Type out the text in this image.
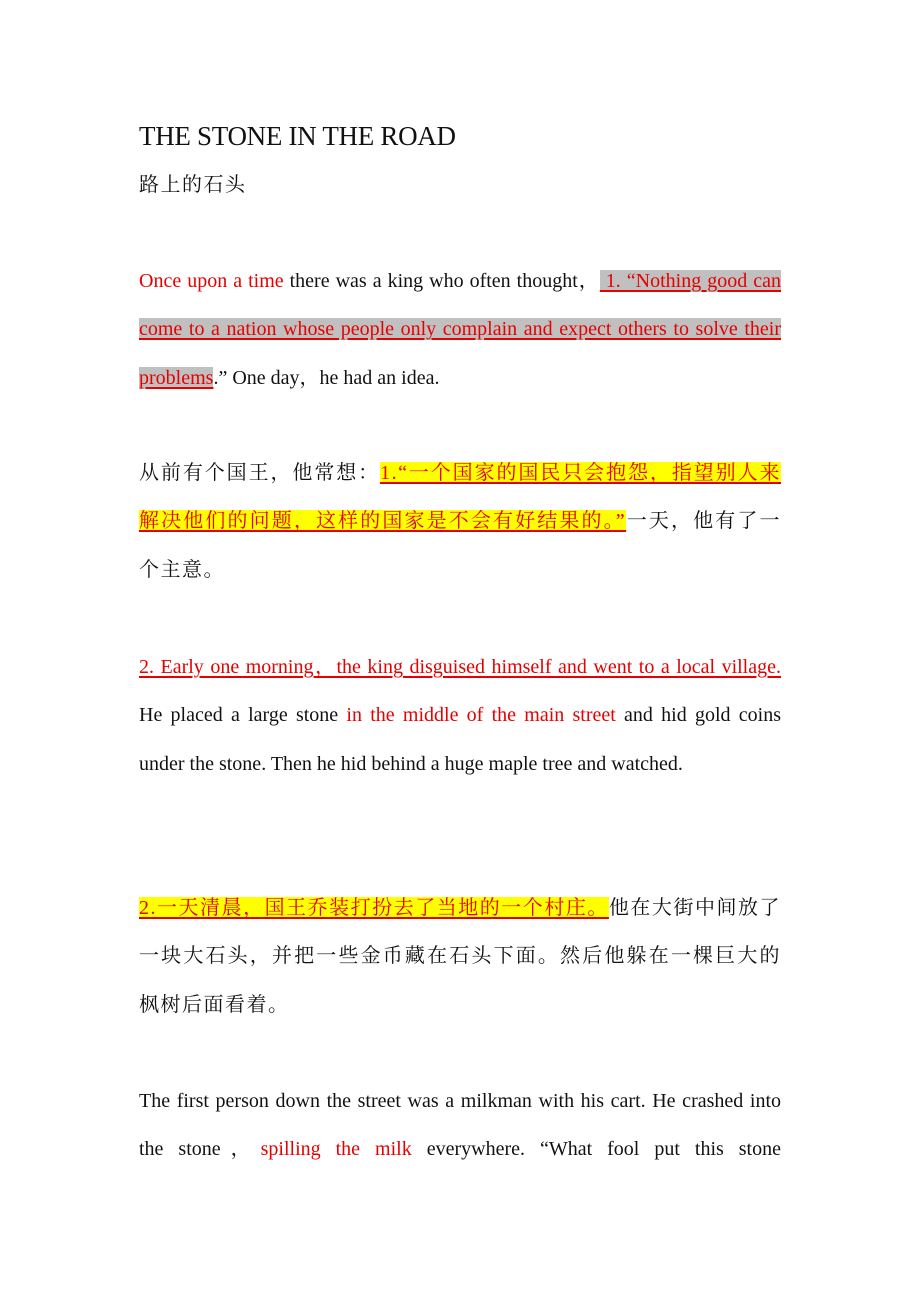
THE STONE IN THE ROAD
路上的石头

Once upon a time there was a king who often thought， 1. “Nothing good can come to a nation whose people only complain and expect others to solve their problems.” One day，he had an idea.

从前有个国王，他常想：1.“一个国家的国民只会抱怨，指望别人来解决他们的问题，这样的国家是不会有好结果的。”一天，他有了一个主意。

2. Early one morning，the king disguised himself and went to a local village. He placed a large stone in the middle of the main street and hid gold coins under the stone. Then he hid behind a huge maple tree and watched.

2.一天清晨，国王乔装打扮去了当地的一个村庄。他在大街中间放了一块大石头，并把一些金币藏在石头下面。然后他躲在一棵巨大的枫树后面看着。

The first person down the street was a milkman with his cart. He crashed into the stone，spilling the milk everywhere. “What fool put this stone
